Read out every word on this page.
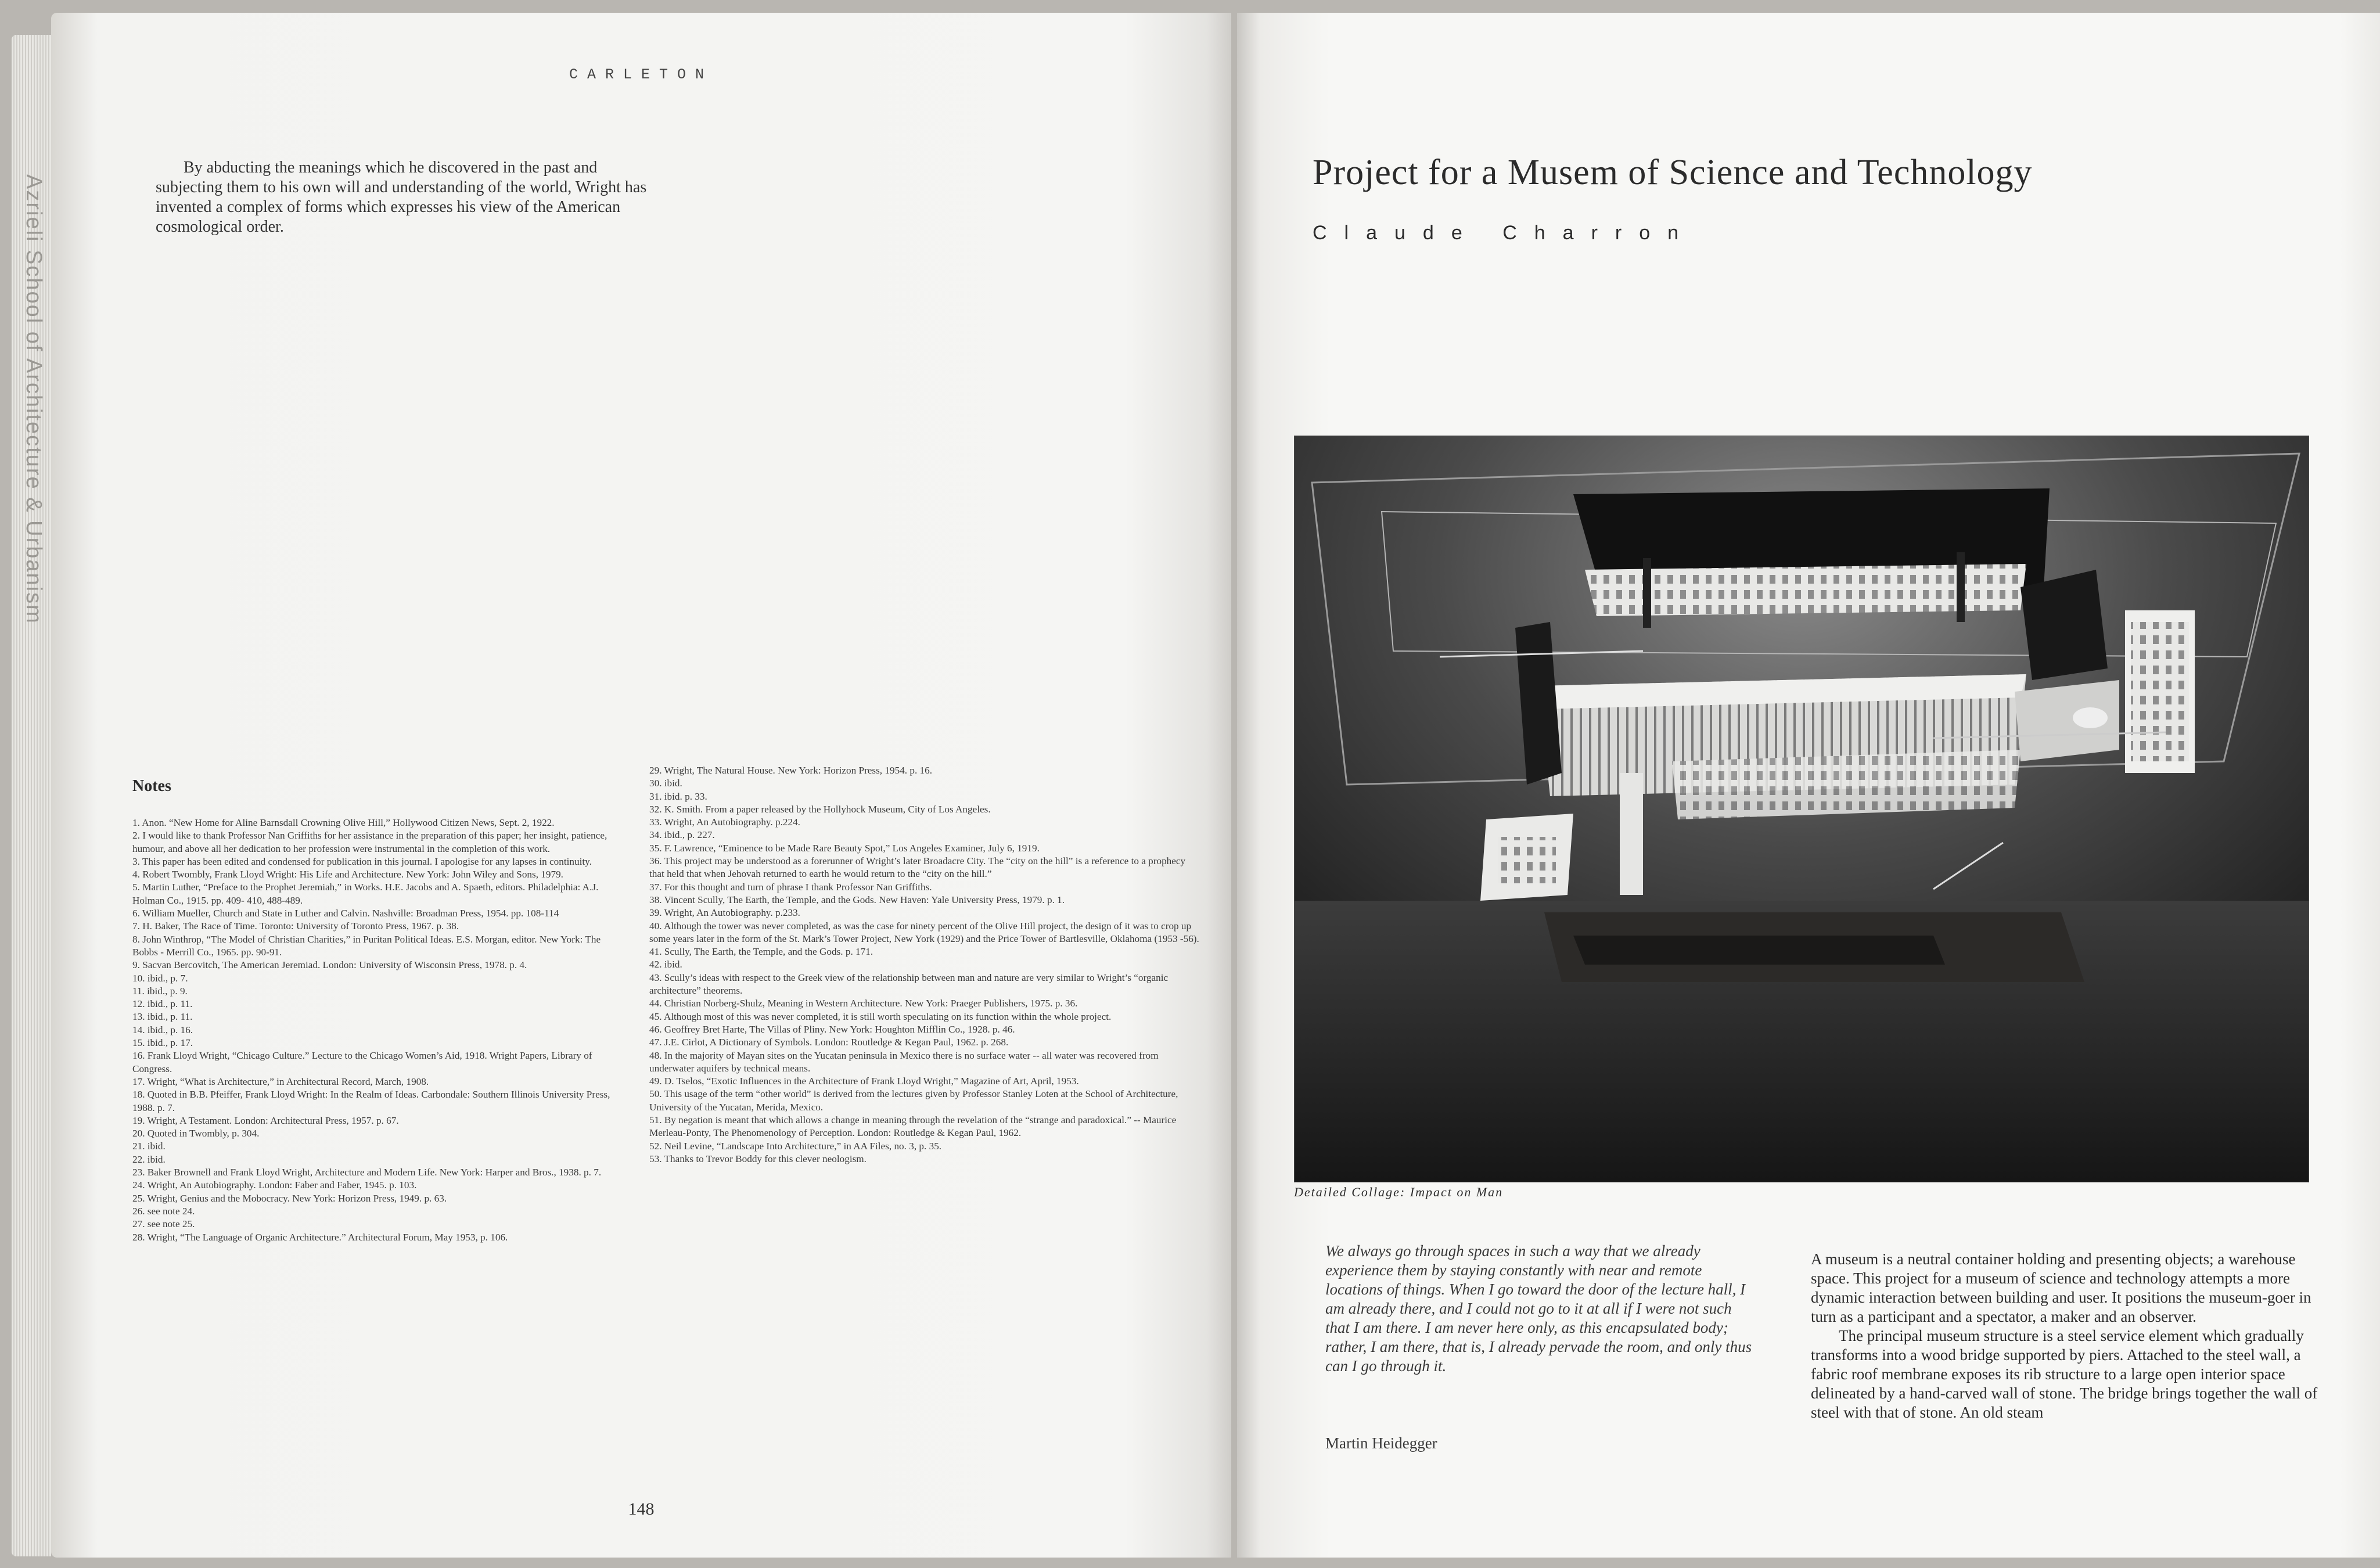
CARLETON

By abducting the meanings which he discovered in the past and subjecting them to his own will and understanding of the world, Wright has invented a complex of forms which expresses his view of the American cosmological order.

Notes
1. Anon. “New Home for Aline Barnsdall Crowning Olive Hill,” Hollywood Citizen News, Sept. 2, 1922.
2. I would like to thank Professor Nan Griffiths for her assistance in the preparation of this paper; her insight, patience, humour, and above all her dedication to her profession were instrumental in the completion of this work.
3. This paper has been edited and condensed for publication in this journal. I apologise for any lapses in continuity.
4. Robert Twombly, Frank Lloyd Wright: His Life and Architecture. New York: John Wiley and Sons, 1979.
5. Martin Luther, “Preface to the Prophet Jeremiah,” in Works. H.E. Jacobs and A. Spaeth, editors. Philadelphia: A.J. Holman Co., 1915. pp. 409- 410, 488-489.
6. William Mueller, Church and State in Luther and Calvin. Nashville: Broadman Press, 1954. pp. 108-114
7. H. Baker, The Race of Time. Toronto: University of Toronto Press, 1967. p. 38.
8. John Winthrop, “The Model of Christian Charities,” in Puritan Political Ideas. E.S. Morgan, editor. New York: The Bobbs - Merrill Co., 1965. pp. 90-91.
9. Sacvan Bercovitch, The American Jeremiad. London: University of Wisconsin Press, 1978. p. 4.
10. ibid., p. 7.
11. ibid., p. 9.
12. ibid., p. 11.
13. ibid., p. 11.
14. ibid., p. 16.
15. ibid., p. 17.
16. Frank Lloyd Wright, “Chicago Culture.” Lecture to the Chicago Women’s Aid, 1918. Wright Papers, Library of Congress.
17. Wright, “What is Architecture,” in Architectural Record, March, 1908.
18. Quoted in B.B. Pfeiffer, Frank Lloyd Wright: In the Realm of Ideas. Carbondale: Southern Illinois University Press, 1988. p. 7.
19. Wright, A Testament. London: Architectural Press, 1957. p. 67.
20. Quoted in Twombly, p. 304.
21. ibid.
22. ibid.
23. Baker Brownell and Frank Lloyd Wright, Architecture and Modern Life. New York: Harper and Bros., 1938. p. 7.
24. Wright, An Autobiography. London: Faber and Faber, 1945. p. 103.
25. Wright, Genius and the Mobocracy. New York: Horizon Press, 1949. p. 63.
26. see note 24.
27. see note 25.
28. Wright, “The Language of Organic Architecture.” Architectural Forum, May 1953, p. 106.
29. Wright, The Natural House. New York: Horizon Press, 1954. p. 16.
30. ibid.
31. ibid. p. 33.
32. K. Smith. From a paper released by the Hollyhock Museum, City of Los Angeles.
33. Wright, An Autobiography. p.224.
34. ibid., p. 227.
35. F. Lawrence, “Eminence to be Made Rare Beauty Spot,” Los Angeles Examiner, July 6, 1919.
36. This project may be understood as a forerunner of Wright’s later Broadacre City. The “city on the hill” is a reference to a prophecy that held that when Jehovah returned to earth he would return to the “city on the hill.”
37. For this thought and turn of phrase I thank Professor Nan Griffiths.
38. Vincent Scully, The Earth, the Temple, and the Gods. New Haven: Yale University Press, 1979. p. 1.
39. Wright, An Autobiography. p.233.
40. Although the tower was never completed, as was the case for ninety percent of the Olive Hill project, the design of it was to crop up some years later in the form of the St. Mark’s Tower Project, New York (1929) and the Price Tower of Bartlesville, Oklahoma (1953 -56).
41. Scully, The Earth, the Temple, and the Gods. p. 171.
42. ibid.
43. Scully’s ideas with respect to the Greek view of the relationship between man and nature are very similar to Wright’s “organic architecture” theorems.
44. Christian Norberg-Shulz, Meaning in Western Architecture. New York: Praeger Publishers, 1975. p. 36.
45. Although most of this was never completed, it is still worth speculating on its function within the whole project.
46. Geoffrey Bret Harte, The Villas of Pliny. New York: Houghton Mifflin Co., 1928. p. 46.
47. J.E. Cirlot, A Dictionary of Symbols. London: Routledge & Kegan Paul, 1962. p. 268.
48. In the majority of Mayan sites on the Yucatan peninsula in Mexico there is no surface water -- all water was recovered from underwater aquifers by technical means.
49. D. Tselos, “Exotic Influences in the Architecture of Frank Lloyd Wright,” Magazine of Art, April, 1953.
50. This usage of the term “other world” is derived from the lectures given by Professor Stanley Loten at the School of Architecture, University of the Yucatan, Merida, Mexico.
51. By negation is meant that which allows a change in meaning through the revelation of the “strange and paradoxical.” -- Maurice Merleau-Ponty, The Phenomenology of Perception. London: Routledge & Kegan Paul, 1962.
52. Neil Levine, “Landscape Into Architecture,” in AA Files, no. 3, p. 35.
53. Thanks to Trevor Boddy for this clever neologism.
148
Azrieli School of Architecture & Urbanism
Project for a Musem of Science and Technology
Claude Charron
Detailed Collage: Impact on Man
We always go through spaces in such a way that we already experience them by staying constantly with near and remote locations of things. When I go toward the door of the lecture hall, I am already there, and I could not go to it at all if I were not such that I am there. I am never here only, as this encapsulated body; rather, I am there, that is, I already pervade the room, and only thus can I go through it.
Martin Heidegger

A museum is a neutral container holding and presenting objects; a warehouse space. This project for a museum of science and technology attempts a more dynamic interaction between building and user. It positions the museum-goer in turn as a participant and a spectator, a maker and an observer.

The principal museum structure is a steel service element which gradually transforms into a wood bridge supported by piers. Attached to the steel wall, a fabric roof membrane exposes its rib structure to a large open interior space delineated by a hand-carved wall of stone. The bridge brings together the wall of steel with that of stone. An old steam
